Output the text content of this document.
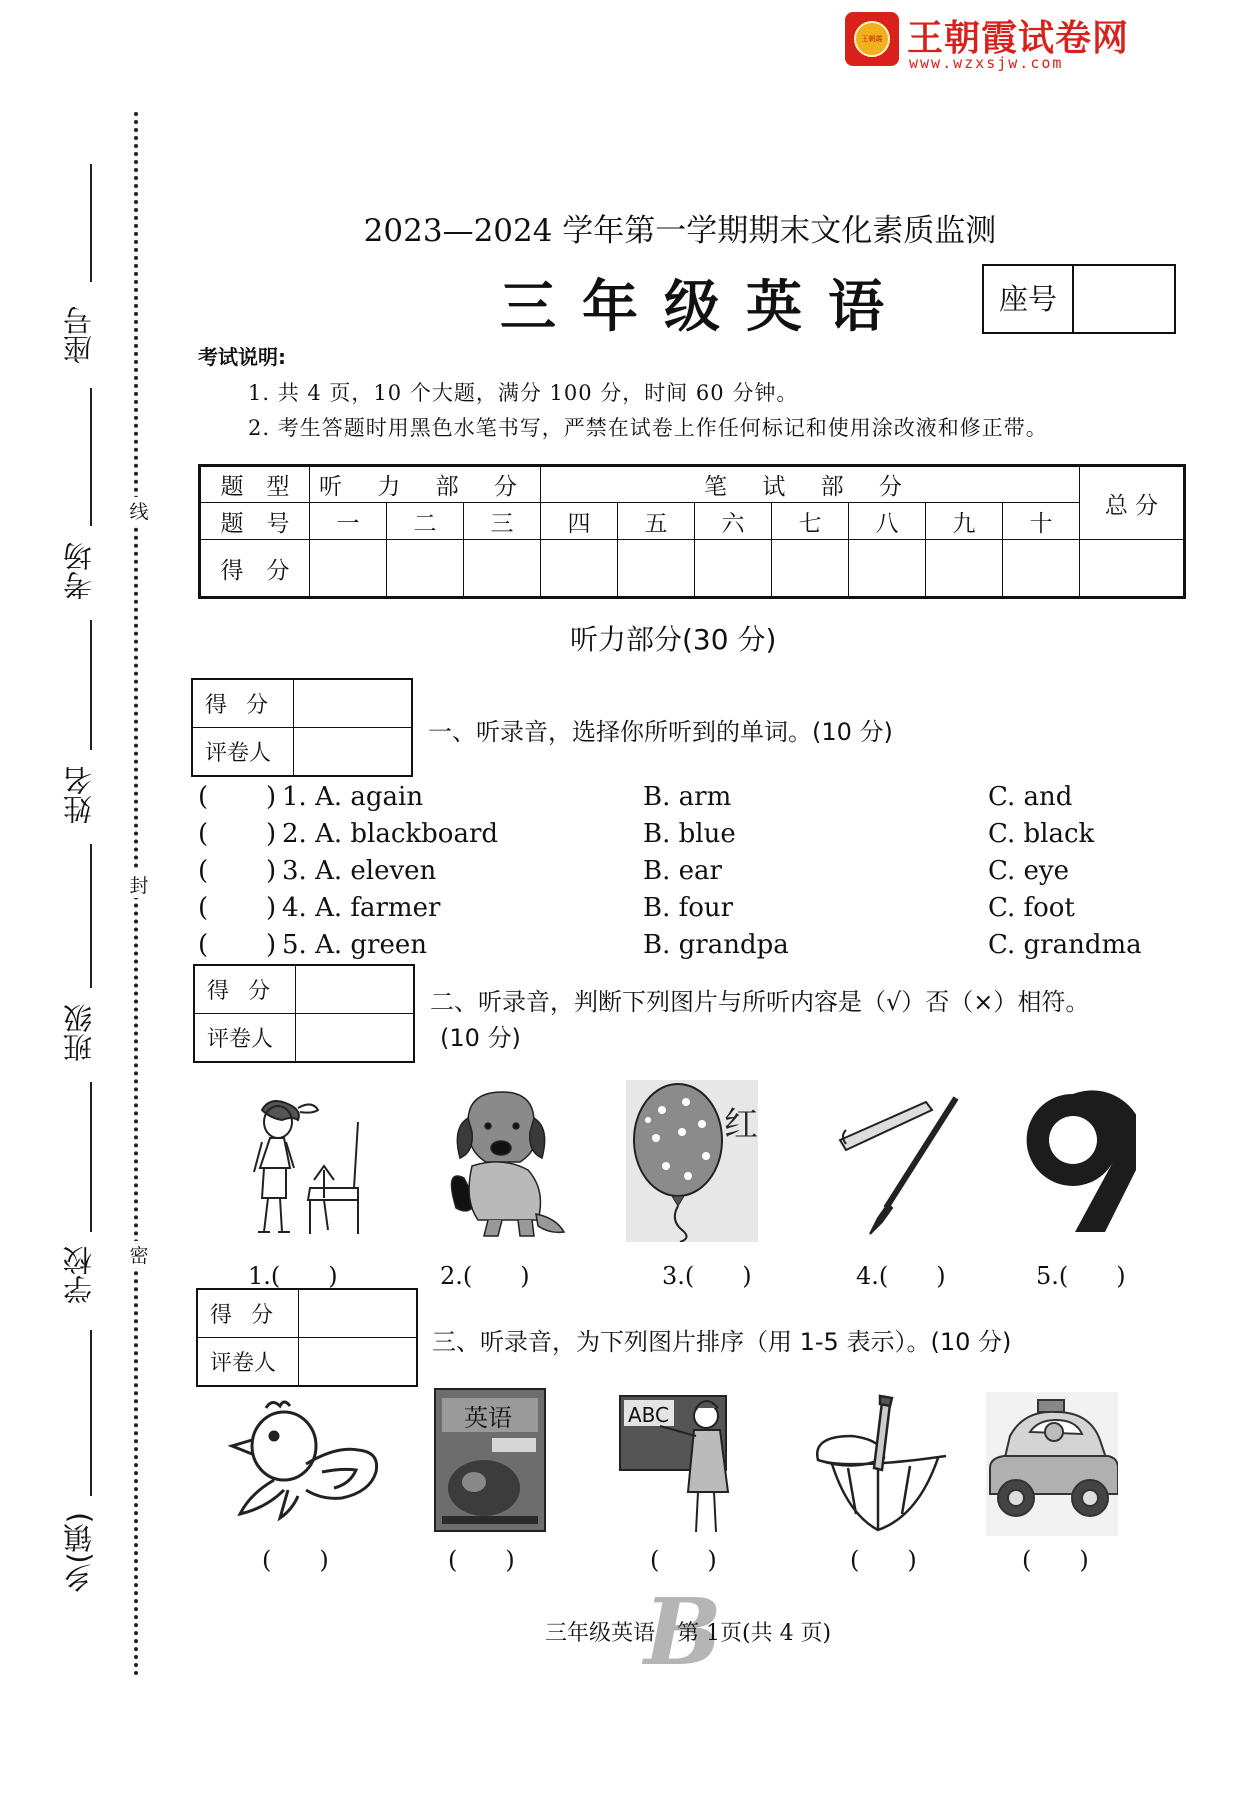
王朝霞 王朝霞试卷网
www.wzxsjw.com
座号
考场
姓名
班级
学校
乡(镇)
线
封
密
2023—2024 学年第一学期期末文化素质监测
三年级英语	座号
考试说明:
1. 共 4 页，10 个大题，满分 100 分，时间 60 分钟。
2. 考生答题时用黑色水笔书写，严禁在试卷上作任何标记和使用涂改液和修正带。
题　型	听 力 部 分			笔 试 部 分							总 分
题　号	一	二	三	四	五	六	七	八	九	十	
得　分											
听力部分(30 分)
得 分	
评卷人	
一、听录音，选择你所听到的单词。(10 分)
( ) 1. A. again	B. arm	C. and
( ) 2. A. blackboard	B. blue	C. black
( ) 3. A. eleven	B. ear	C. eye
( ) 4. A. farmer	B. four	C. foot
( ) 5. A. green	B. grandpa	C. grandma
得 分	
评卷人	
二、听录音，判断下列图片与所听内容是（√）否（×）相符。
(10 分)
红
1.(　　)	2.(　　)	3.(　　)	4.(　　)	5.(　　)
得 分	
评卷人	
三、听录音，为下列图片排序（用 1-5 表示）。(10 分)
英语	ABC
(　　)	(　　)	(　　)	(　　)	(　　)
B
三年级英语　第 1页(共 4 页)
